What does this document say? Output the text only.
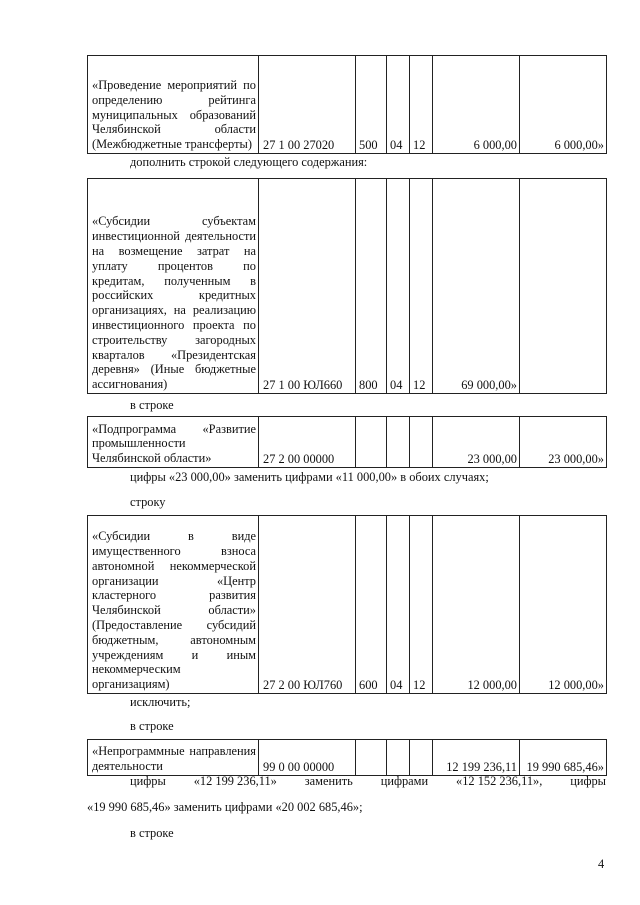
«Проведение мероприятий по определению рейтинга муниципальных образований Челябинской области (Межбюджетные трансферты)	27 1 00 27020	500	04	12	6 000,00	6 000,00»
дополнить строкой следующего содержания:
«Субсидии субъектам инвестиционной деятельности на возмещение затрат на уплату процентов по кредитам, полученным в российских кредитных организациях, на реализацию инвестиционного проекта по строительству загородных кварталов «Президентская деревня» (Иные бюджетные ассигнования)	27 1 00 ЮЛ660	800	04	12	69 000,00»	
в строке
«Подпрограмма «Развитие промышленности Челябинской области»	27 2 00 00000				23 000,00	23 000,00»
цифры «23 000,00» заменить цифрами «11 000,00» в обоих случаях;
строку
«Субсидии в виде имущественного взноса автономной некоммерческой организации «Центр кластерного развития Челябинской области» (Предоставление субсидий бюджетным, автономным учреждениям и иным некоммерческим организациям)	27 2 00 ЮЛ760	600	04	12	12 000,00	12 000,00»
исключить;
в строке
«Непрограммные направления деятельности	99 0 00 00000				12 199 236,11	19 990 685,46»
цифры «12 199 236,11» заменить цифрами «12 152 236,11», цифры
«19 990 685,46» заменить цифрами «20 002 685,46»;
в строке
4
